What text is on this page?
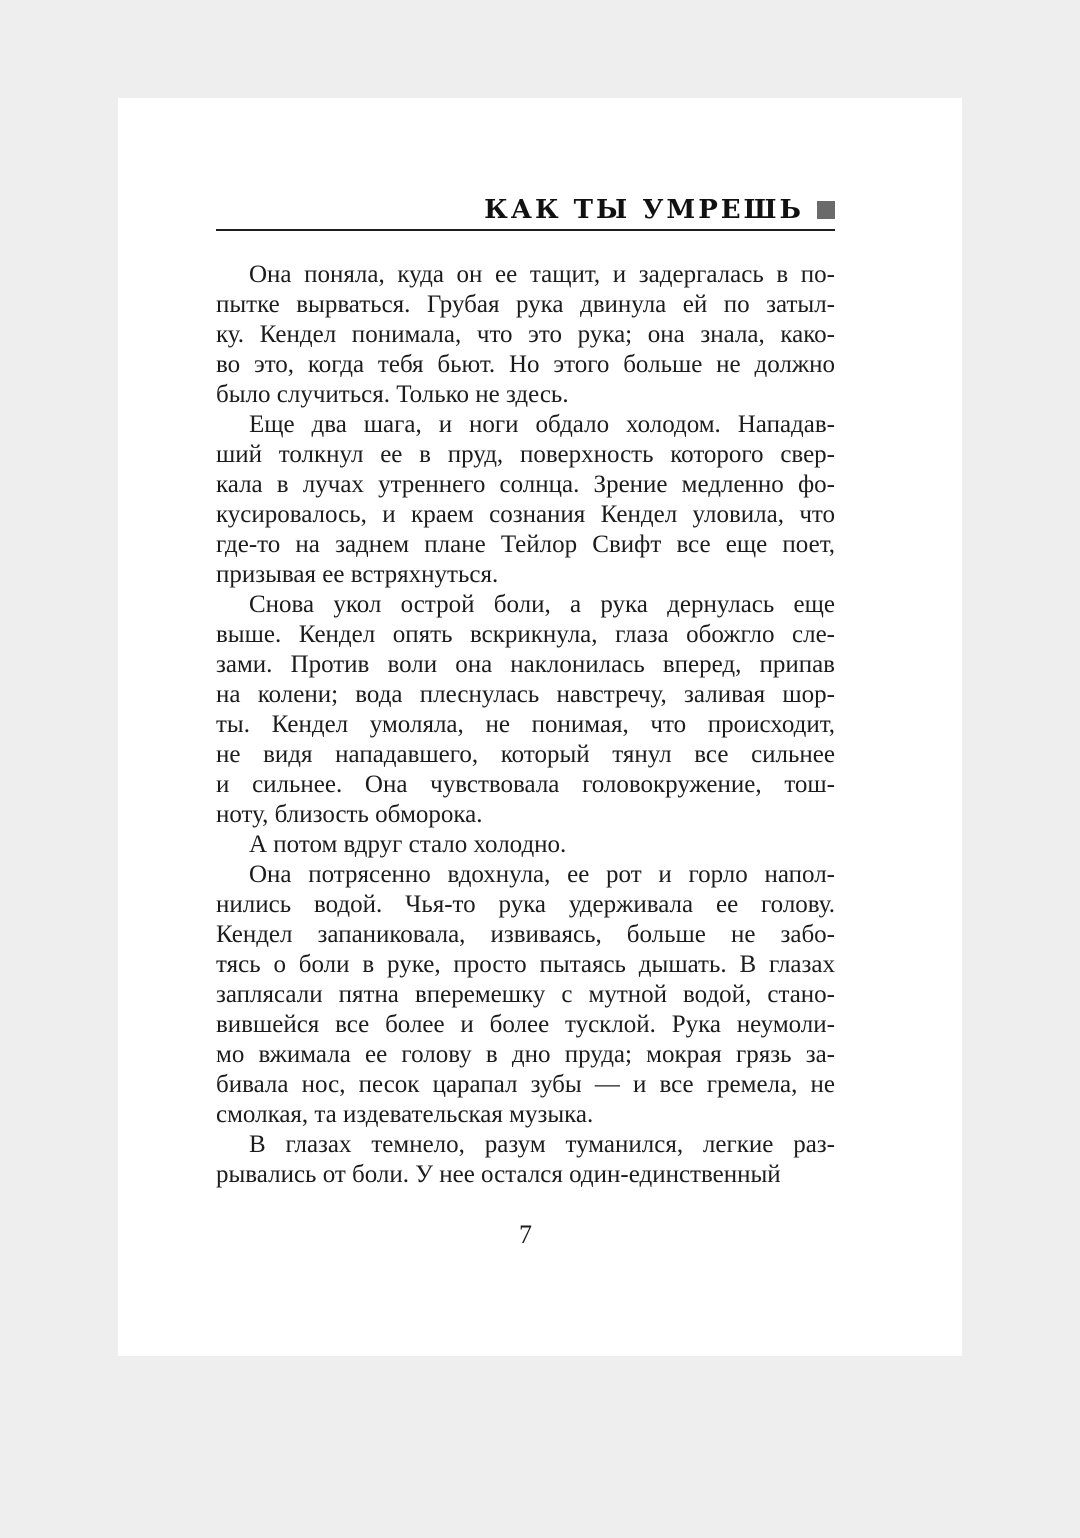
КАК ТЫ УМРЕШЬ
Она поняла, куда он ее тащит, и задергалась в по-
пытке вырваться. Грубая рука двинула ей по затыл-
ку. Кендел понимала, что это рука; она знала, како-
во это, когда тебя бьют. Но этого больше не должно
было случиться. Только не здесь.
Еще два шага, и ноги обдало холодом. Нападав-
ший толкнул ее в пруд, поверхность которого свер-
кала в лучах утреннего солнца. Зрение медленно фо-
кусировалось, и краем сознания Кендел уловила, что
где-то на заднем плане Тейлор Свифт все еще поет,
призывая ее встряхнуться.
Снова укол острой боли, а рука дернулась еще
выше. Кендел опять вскрикнула, глаза обожгло сле-
зами. Против воли она наклонилась вперед, припав
на колени; вода плеснулась навстречу, заливая шор-
ты. Кендел умоляла, не понимая, что происходит,
не видя нападавшего, который тянул все сильнее
и сильнее. Она чувствовала головокружение, тош-
ноту, близость обморока.
А потом вдруг стало холодно.
Она потрясенно вдохнула, ее рот и горло напол-
нились водой. Чья-то рука удерживала ее голову.
Кендел запаниковала, извиваясь, больше не забо-
тясь о боли в руке, просто пытаясь дышать. В глазах
заплясали пятна вперемешку с мутной водой, стано-
вившейся все более и более тусклой. Рука неумоли-
мо вжимала ее голову в дно пруда; мокрая грязь за-
бивала нос, песок царапал зубы — и все гремела, не
смолкая, та издевательская музыка.
В глазах темнело, разум туманился, легкие раз-
рывались от боли. У нее остался один-единственный
7
